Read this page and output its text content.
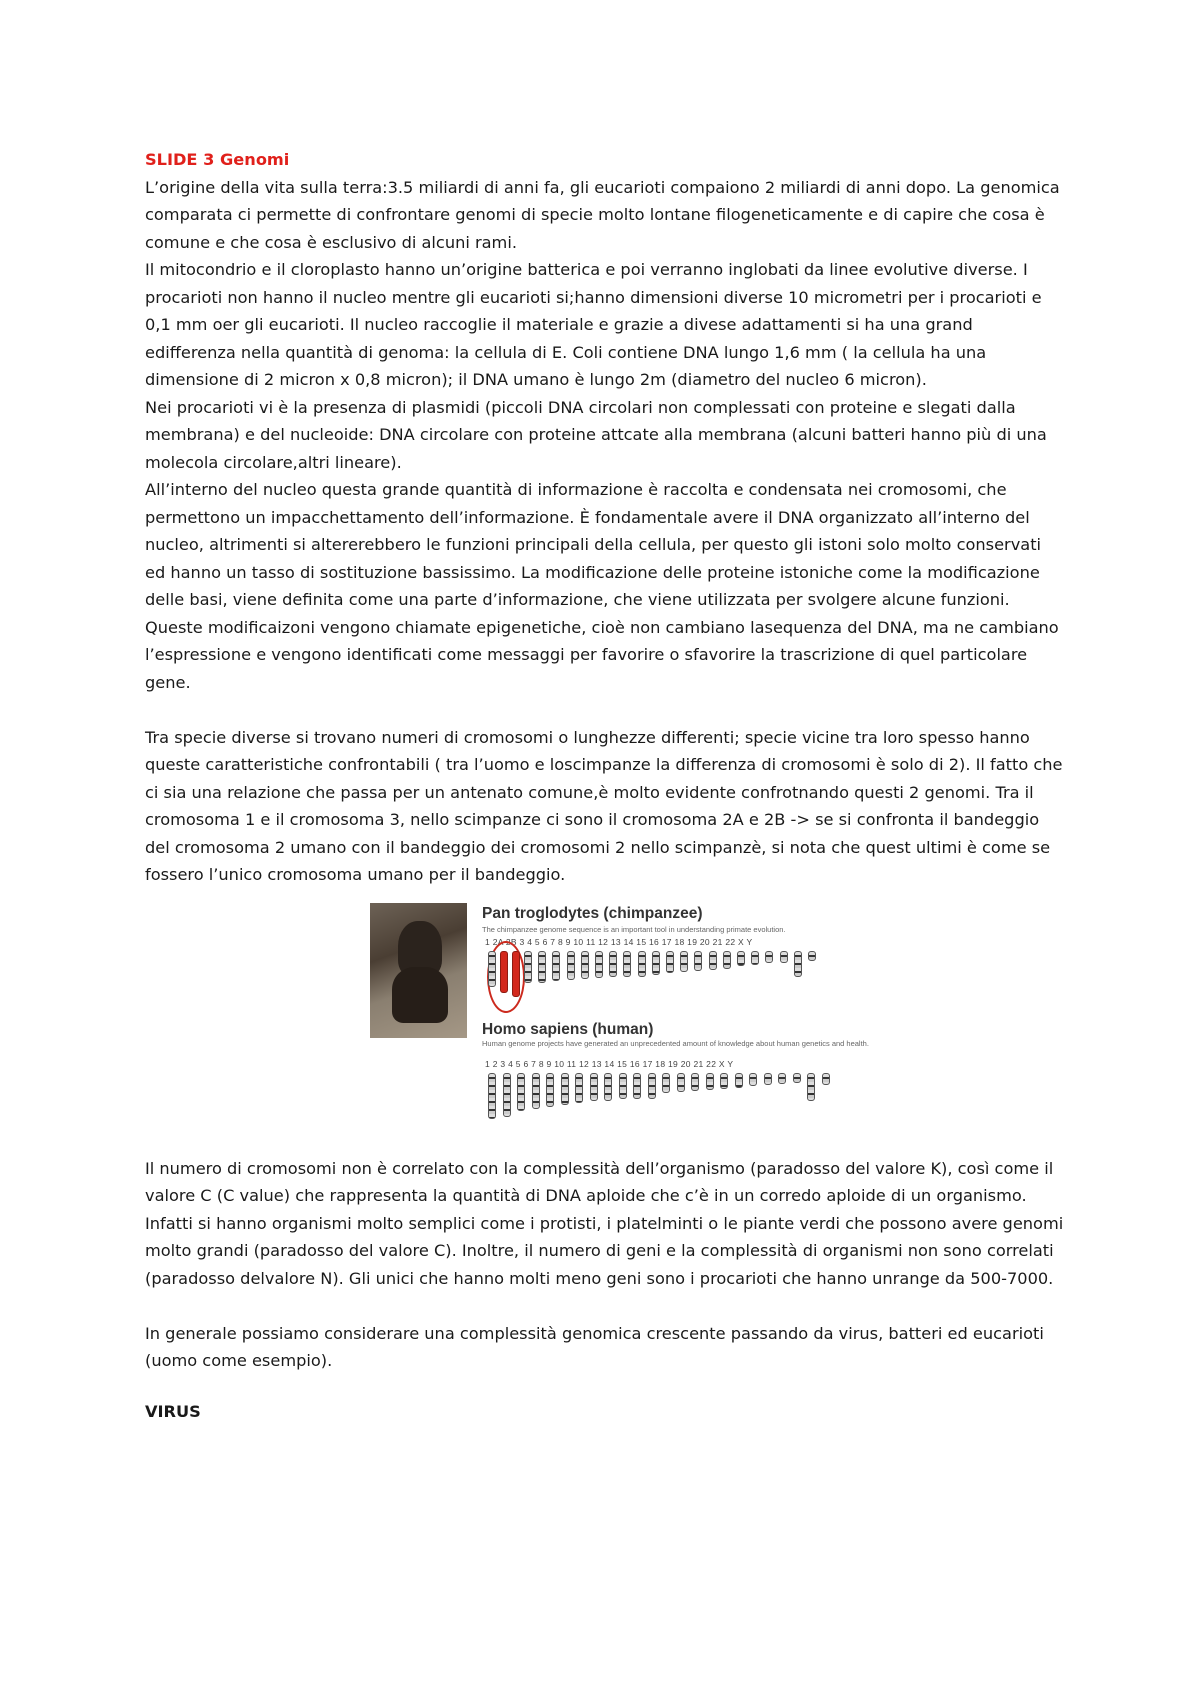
SLIDE 3 Genomi

L’origine della vita sulla terra:3.5 miliardi di anni fa, gli eucarioti compaiono 2 miliardi di anni dopo. La genomica comparata ci permette di confrontare genomi di specie molto lontane filogeneticamente e di capire che cosa è comune e che cosa è esclusivo di alcuni rami.

Il mitocondrio e il cloroplasto hanno un’origine batterica e poi verranno inglobati da linee evolutive diverse. I procarioti non hanno il nucleo mentre gli eucarioti si;hanno dimensioni diverse 10 micrometri per i procarioti e 0,1 mm oer gli eucarioti. Il nucleo raccoglie il materiale e grazie a divese adattamenti si ha una grand edifferenza nella quantità di genoma: la cellula di E. Coli contiene DNA lungo 1,6 mm ( la cellula ha una dimensione di 2 micron x 0,8 micron); il DNA umano è lungo 2m (diametro del nucleo 6 micron).

Nei procarioti vi è la presenza di plasmidi (piccoli DNA circolari non complessati con proteine e slegati dalla membrana) e del nucleoide: DNA circolare con proteine attcate alla membrana (alcuni batteri hanno più di una molecola circolare,altri lineare).

All’interno del nucleo questa grande quantità di informazione è raccolta e condensata nei cromosomi, che permettono un impacchettamento dell’informazione. È fondamentale avere il DNA organizzato all’interno del nucleo, altrimenti si altererebbero le funzioni principali della cellula, per questo gli istoni solo molto conservati ed hanno un tasso di sostituzione bassissimo. La modificazione delle proteine istoniche come la modificazione delle basi, viene definita come una parte d’informazione, che viene utilizzata per svolgere alcune funzioni. Queste modificaizoni vengono chiamate epigenetiche, cioè non cambiano lasequenza del DNA, ma ne cambiano l’espressione e vengono identificati come messaggi per favorire o sfavorire la trascrizione di quel particolare gene.

Tra specie diverse si trovano numeri di cromosomi o lunghezze differenti; specie vicine tra loro spesso hanno queste caratteristiche confrontabili ( tra l’uomo e loscimpanze la differenza di cromosomi è solo di 2). Il fatto che ci sia una relazione che passa per un antenato comune,è molto evidente confrotnando questi 2 genomi. Tra il cromosoma 1 e il cromosoma 3, nello scimpanze ci sono il cromosoma 2A e 2B -> se si confronta il bandeggio del cromosoma 2 umano con il bandeggio dei cromosomi 2 nello scimpanzè, si nota che quest ultimi è come se fossero l’unico cromosoma umano per il bandeggio.

Pan troglodytes (chimpanzee)
The chimpanzee genome sequence is an important tool in understanding primate evolution.
1 2A 2B 3 4 5 6 7 8 9 10 11 12 13 14 15 16 17 18 19 20 21 22 X Y
Homo sapiens (human)
Human genome projects have generated an unprecedented amount of knowledge about human genetics and health.
1 2 3 4 5 6 7 8 9 10 11 12 13 14 15 16 17 18 19 20 21 22 X Y

Il numero di cromosomi non è correlato con la complessità dell’organismo (paradosso del valore K), così come il valore C (C value) che rappresenta la quantità di DNA aploide che c’è in un corredo aploide di un organismo. Infatti si hanno organismi molto semplici come i protisti, i platelminti o le piante verdi che possono avere genomi molto grandi (paradosso del valore C). Inoltre, il numero di geni e la complessità di organismi non sono correlati (paradosso delvalore N). Gli unici che hanno molti meno geni sono i procarioti che hanno unrange da 500-7000.

In generale possiamo considerare una complessità genomica crescente passando da virus, batteri ed eucarioti (uomo come esempio).

VIRUS
